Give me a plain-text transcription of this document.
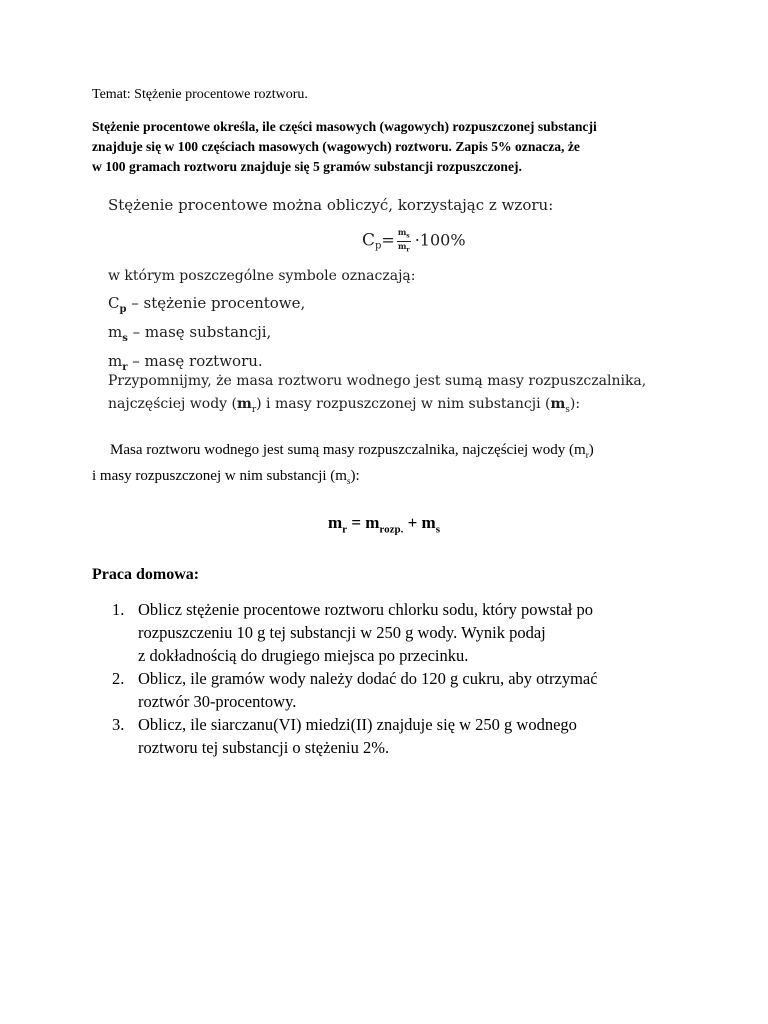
Temat: Stężenie procentowe roztworu.

Stężenie procentowe określa, ile części masowych (wagowych) rozpuszczonej substancji
znajduje się w 100 częściach masowych (wagowych) roztworu. Zapis 5% oznacza, że
w 100 gramach roztworu znajduje się 5 gramów substancji rozpuszczonej.

Stężenie procentowe można obliczyć, korzystając z wzoru:

$C_p= \frac{m_s}{m_r} \cdot 100\%$

w którym poszczególne symbole oznaczają:

$C_p$ – stężenie procentowe,
$m_s$ – masę substancji,
$m_r$ – masę roztworu.

Przypomnijmy, że masa roztworu wodnego jest sumą masy rozpuszczalnika,
najczęściej wody $(m_r)$ i masy rozpuszczonej w nim substancji $(m_s)$:

Masa roztworu wodnego jest sumą masy rozpuszczalnika, najczęściej wody $(m_r)$
i masy rozpuszczonej w nim substancji $(m_s)$:

$m_r = m_{rozp.} + m_s$

Praca domowa:
1. Oblicz stężenie procentowe roztworu chlorku sodu, który powstał po
rozpuszczeniu 10 g tej substancji w 250 g wody. Wynik podaj
z dokładnością do drugiego miejsca po przecinku.
2. Oblicz, ile gramów wody należy dodać do 120 g cukru, aby otrzymać
roztwór 30-procentowy.
3. Oblicz, ile siarczanu(VI) miedzi(II) znajduje się w 250 g wodnego
roztworu tej substancji o stężeniu 2%.
